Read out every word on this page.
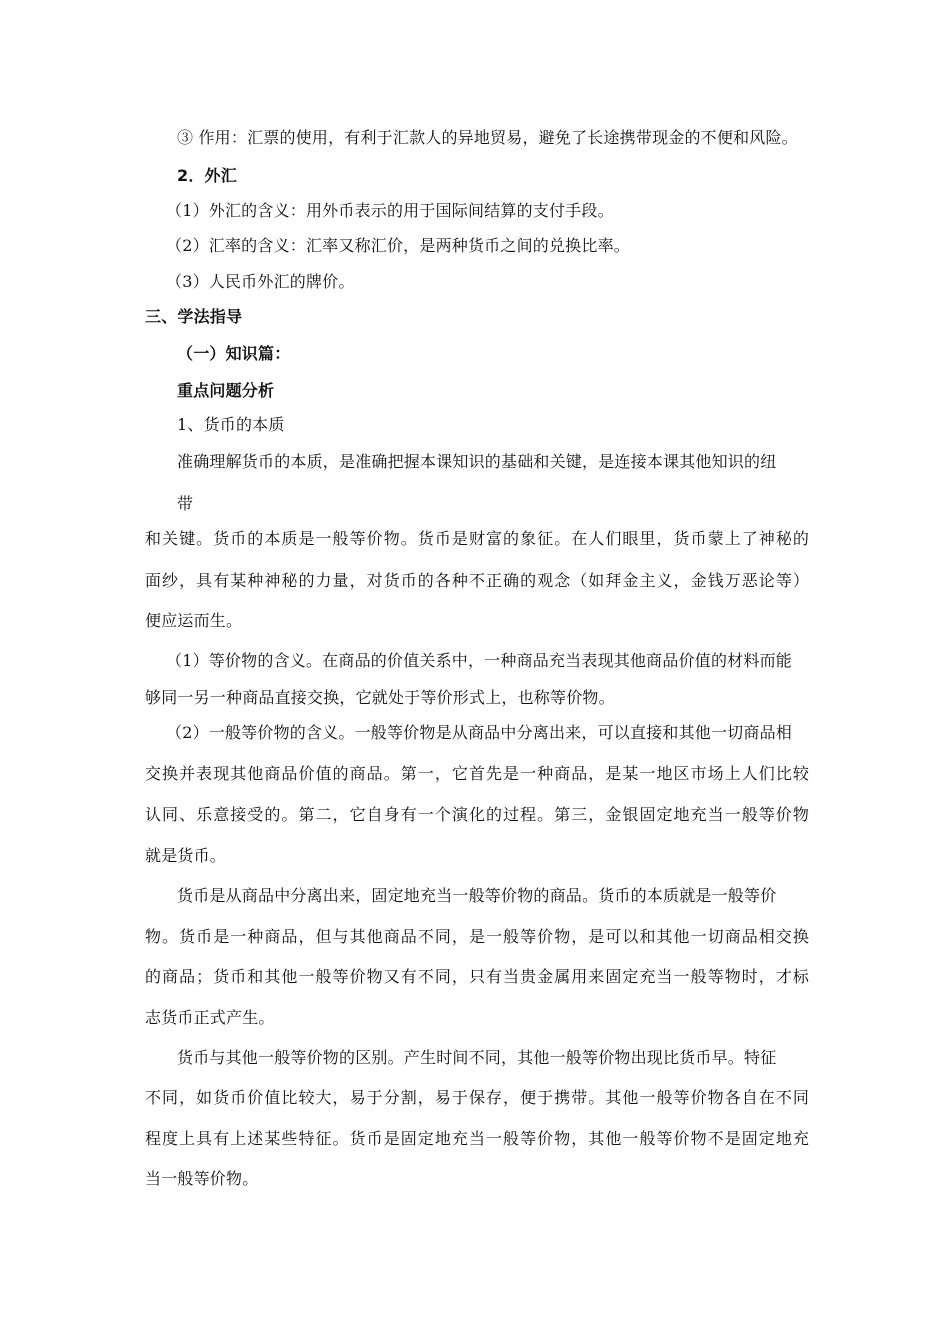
③ 作用：汇票的使用，有利于汇款人的异地贸易，避免了长途携带现金的不便和风险。
2．外汇
（1）外汇的含义：用外币表示的用于国际间结算的支付手段。
（2）汇率的含义：汇率又称汇价，是两种货币之间的兑换比率。
（3）人民币外汇的牌价。
三、学法指导
（一）知识篇：
重点问题分析
1、货币的本质
准确理解货币的本质，是准确把握本课知识的基础和关键，是连接本课其他知识的纽
带
和关键。货币的本质是一般等价物。货币是财富的象征。在人们眼里，货币蒙上了神秘的
面纱，具有某种神秘的力量，对货币的各种不正确的观念（如拜金主义，金钱万恶论等）
便应运而生。
（1）等价物的含义。在商品的价值关系中，一种商品充当表现其他商品价值的材料而能
够同一另一种商品直接交换，它就处于等价形式上，也称等价物。
（2）一般等价物的含义。一般等价物是从商品中分离出来，可以直接和其他一切商品相
交换并表现其他商品价值的商品。第一，它首先是一种商品，是某一地区市场上人们比较
认同、乐意接受的。第二，它自身有一个演化的过程。第三，金银固定地充当一般等价物
就是货币。
货币是从商品中分离出来，固定地充当一般等价物的商品。货币的本质就是一般等价
物。货币是一种商品，但与其他商品不同，是一般等价物，是可以和其他一切商品相交换
的商品；货币和其他一般等价物又有不同，只有当贵金属用来固定充当一般等物时，才标
志货币正式产生。
货币与其他一般等价物的区别。产生时间不同，其他一般等价物出现比货币早。特征
不同，如货币价值比较大，易于分割，易于保存，便于携带。其他一般等价物各自在不同
程度上具有上述某些特征。货币是固定地充当一般等价物，其他一般等价物不是固定地充
当一般等价物。
